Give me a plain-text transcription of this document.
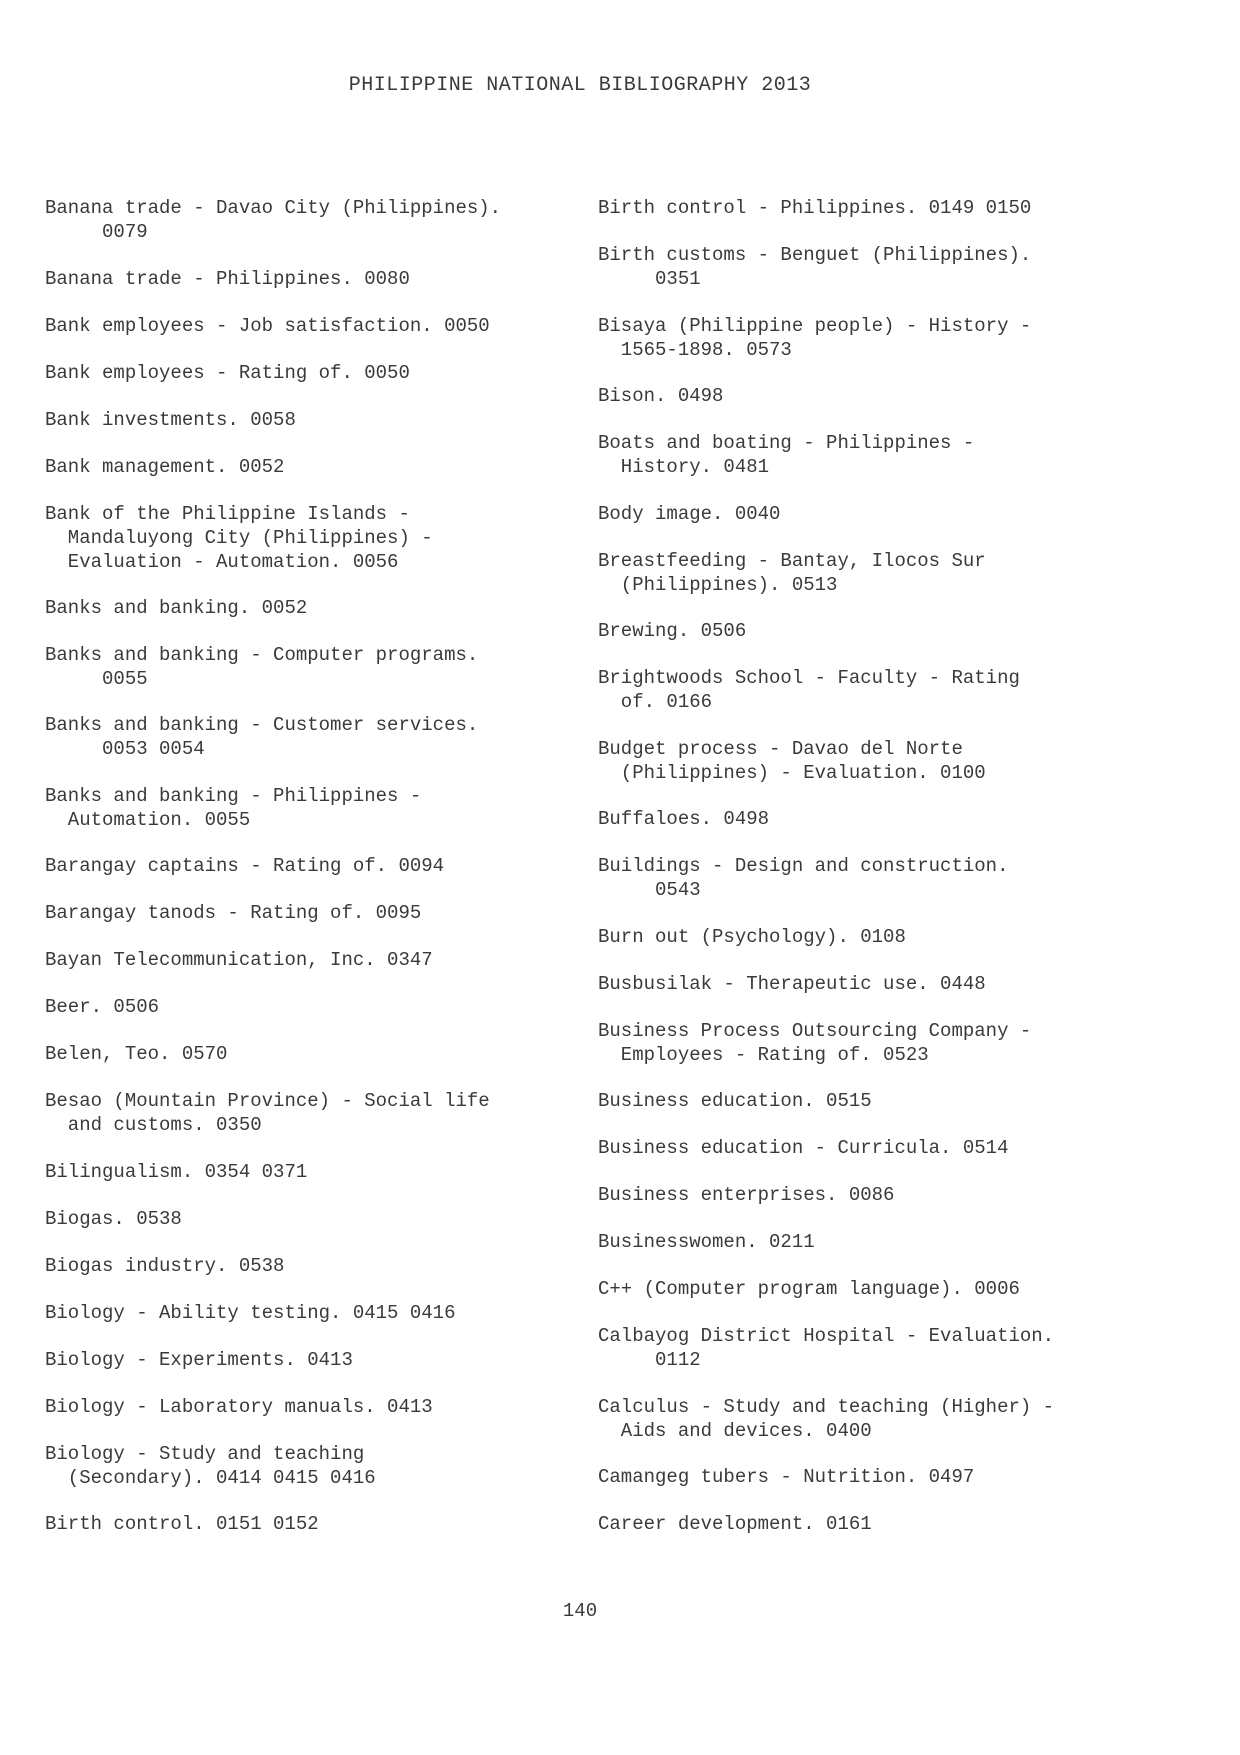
PHILIPPINE NATIONAL BIBLIOGRAPHY 2013
Banana trade - Davao City (Philippines).
0079
Banana trade - Philippines. 0080
Bank employees - Job satisfaction. 0050
Bank employees - Rating of. 0050
Bank investments. 0058
Bank management. 0052
Bank of the Philippine Islands -
Mandaluyong City (Philippines) -
Evaluation - Automation. 0056
Banks and banking. 0052
Banks and banking - Computer programs.
0055
Banks and banking - Customer services.
0053 0054
Banks and banking - Philippines -
Automation. 0055
Barangay captains - Rating of. 0094
Barangay tanods - Rating of. 0095
Bayan Telecommunication, Inc. 0347
Beer. 0506
Belen, Teo. 0570
Besao (Mountain Province) - Social life
and customs. 0350
Bilingualism. 0354 0371
Biogas. 0538
Biogas industry. 0538
Biology - Ability testing. 0415 0416
Biology - Experiments. 0413
Biology - Laboratory manuals. 0413
Biology - Study and teaching
(Secondary). 0414 0415 0416
Birth control. 0151 0152
Birth control - Philippines. 0149 0150
Birth customs - Benguet (Philippines).
0351
Bisaya (Philippine people) - History -
1565-1898. 0573
Bison. 0498
Boats and boating - Philippines -
History. 0481
Body image. 0040
Breastfeeding - Bantay, Ilocos Sur
(Philippines). 0513
Brewing. 0506
Brightwoods School - Faculty - Rating
of. 0166
Budget process - Davao del Norte
(Philippines) - Evaluation. 0100
Buffaloes. 0498
Buildings - Design and construction.
0543
Burn out (Psychology). 0108
Busbusilak - Therapeutic use. 0448
Business Process Outsourcing Company -
Employees - Rating of. 0523
Business education. 0515
Business education - Curricula. 0514
Business enterprises. 0086
Businesswomen. 0211
C++ (Computer program language). 0006
Calbayog District Hospital - Evaluation.
0112
Calculus - Study and teaching (Higher) -
Aids and devices. 0400
Camangeg tubers - Nutrition. 0497
Career development. 0161
140
